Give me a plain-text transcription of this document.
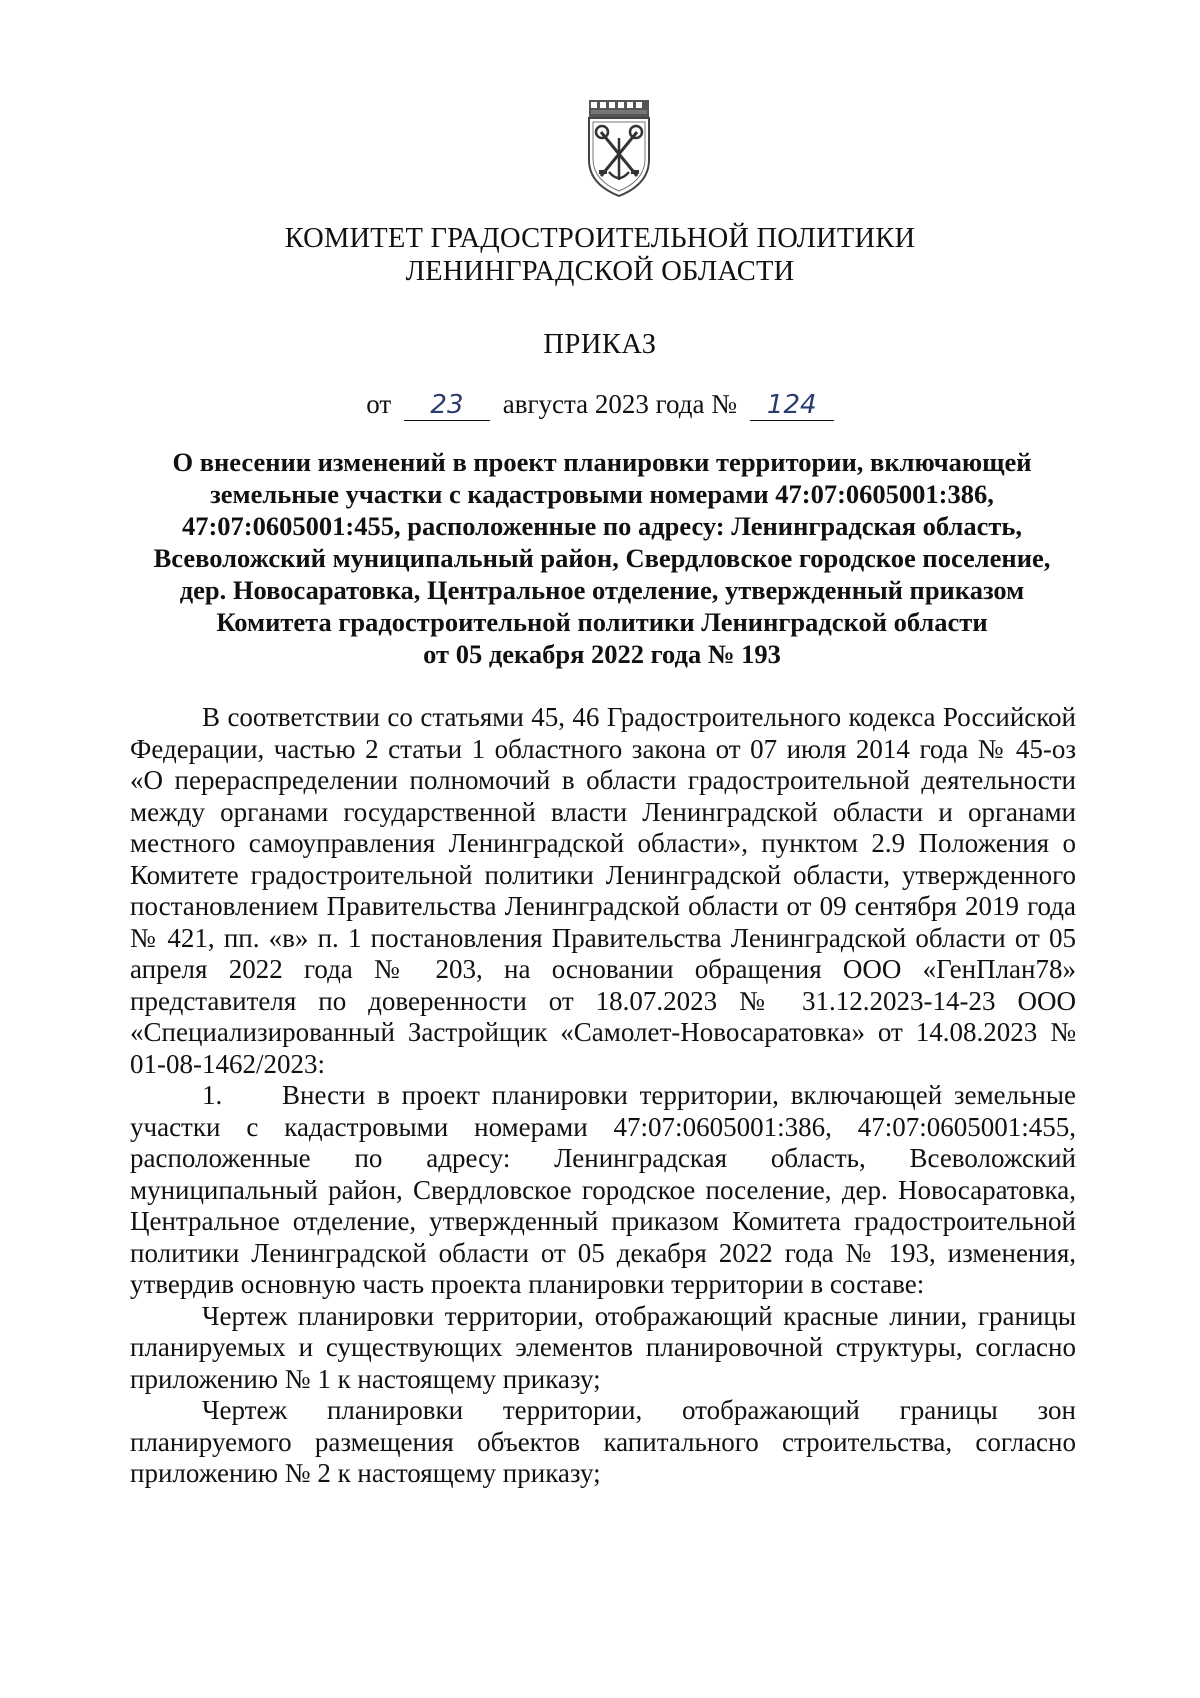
КОМИТЕТ ГРАДОСТРОИТЕЛЬНОЙ ПОЛИТИКИ
ЛЕНИНГРАДСКОЙ ОБЛАСТИ
ПРИКАЗ
от 23 августа 2023 года № 124
О внесении изменений в проект планировки территории, включающей
земельные участки с кадастровыми номерами 47:07:0605001:386,
47:07:0605001:455, расположенные по адресу: Ленинградская область,
Всеволожский муниципальный район, Свердловское городское поселение,
дер. Новосаратовка, Центральное отделение, утвержденный приказом
Комитета градостроительной политики Ленинградской области
от 05 декабря 2022 года № 193

В соответствии со статьями 45, 46 Градостроительного кодекса Российской Федерации, частью 2 статьи 1 областного закона от 07 июля 2014 года № 45-оз «О перераспределении полномочий в области градостроительной деятельности между органами государственной власти Ленинградской области и органами местного самоуправления Ленинградской области», пунктом 2.9 Положения о Комитете градостроительной политики Ленинградской области, утвержденного постановлением Правительства Ленинградской области от 09 сентября 2019 года № 421, пп. «в» п. 1 постановления Правительства Ленинградской области от 05 апреля 2022 года № 203, на основании обращения ООО «ГенПлан78» представителя по доверенности от 18.07.2023 № 31.12.2023-14-23 ООО «Специализированный Застройщик «Самолет-Новосаратовка» от 14.08.2023 № 01-08-1462/2023:

1. Внести в проект планировки территории, включающей земельные участки с кадастровыми номерами 47:07:0605001:386, 47:07:0605001:455, расположенные по адресу: Ленинградская область, Всеволожский муниципальный район, Свердловское городское поселение, дер. Новосаратовка, Центральное отделение, утвержденный приказом Комитета градостроительной политики Ленинградской области от 05 декабря 2022 года № 193, изменения, утвердив основную часть проекта планировки территории в составе:

Чертеж планировки территории, отображающий красные линии, границы планируемых и существующих элементов планировочной структуры, согласно приложению № 1 к настоящему приказу;

Чертеж планировки территории, отображающий границы зон планируемого размещения объектов капитального строительства, согласно приложению № 2 к настоящему приказу;
